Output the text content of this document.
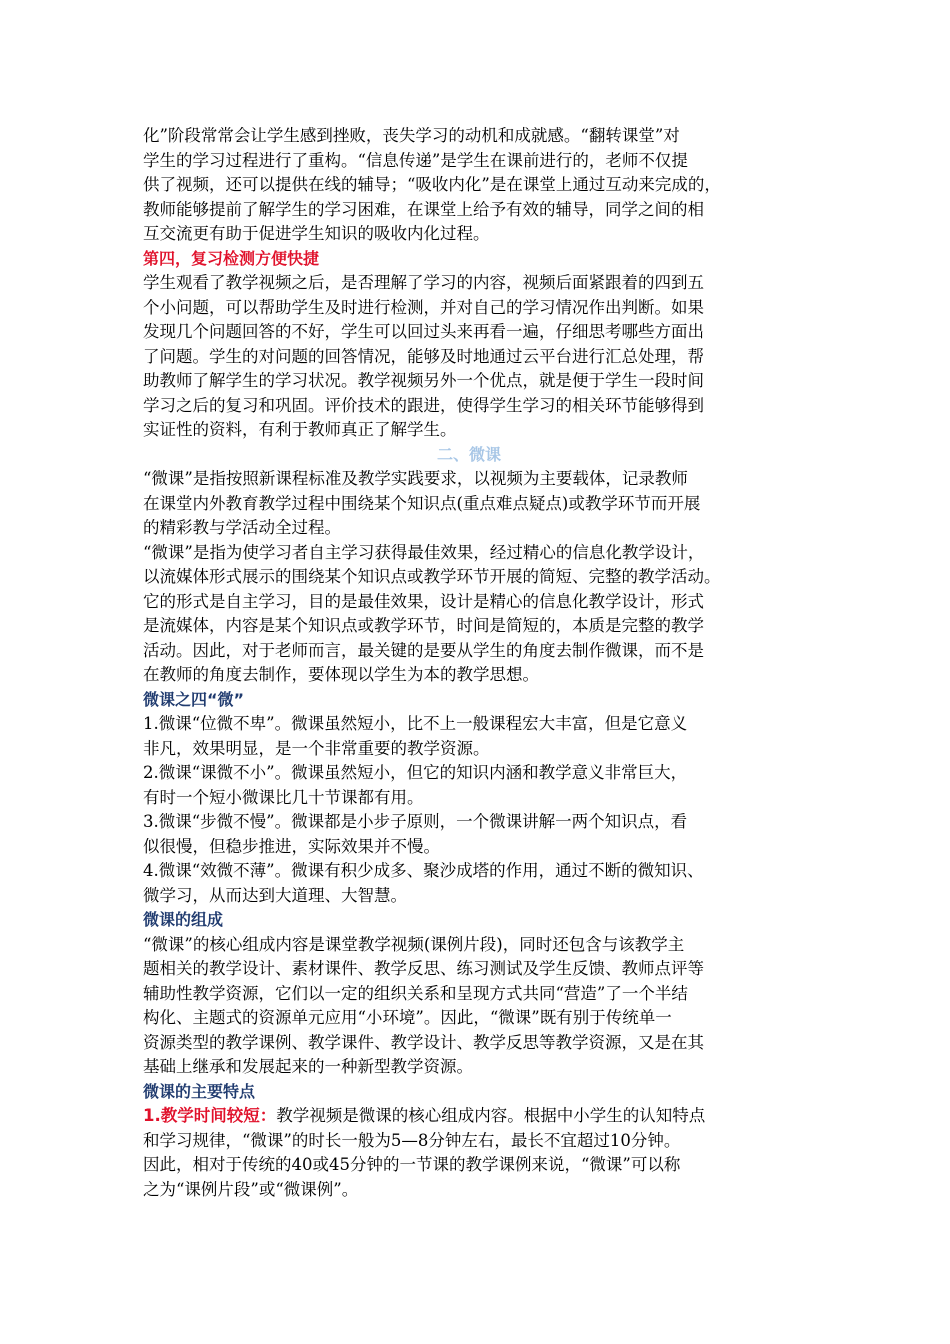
化”阶段常常会让学生感到挫败，丧失学习的动机和成就感。“翻转课堂”对
学生的学习过程进行了重构。“信息传递”是学生在课前进行的，老师不仅提
供了视频，还可以提供在线的辅导；“吸收内化”是在课堂上通过互动来完成的，
教师能够提前了解学生的学习困难，在课堂上给予有效的辅导，同学之间的相
互交流更有助于促进学生知识的吸收内化过程。

第四，复习检测方便快捷

学生观看了教学视频之后，是否理解了学习的内容，视频后面紧跟着的四到五
个小问题，可以帮助学生及时进行检测，并对自己的学习情况作出判断。如果
发现几个问题回答的不好，学生可以回过头来再看一遍，仔细思考哪些方面出
了问题。学生的对问题的回答情况，能够及时地通过云平台进行汇总处理，帮
助教师了解学生的学习状况。教学视频另外一个优点，就是便于学生一段时间
学习之后的复习和巩固。评价技术的跟进，使得学生学习的相关环节能够得到
实证性的资料，有利于教师真正了解学生。

二、微课

“微课”是指按照新课程标准及教学实践要求，以视频为主要载体，记录教师
在课堂内外教育教学过程中围绕某个知识点(重点难点疑点)或教学环节而开展
的精彩教与学活动全过程。

“微课”是指为使学习者自主学习获得最佳效果，经过精心的信息化教学设计，
以流媒体形式展示的围绕某个知识点或教学环节开展的简短、完整的教学活动。
它的形式是自主学习，目的是最佳效果，设计是精心的信息化教学设计，形式
是流媒体，内容是某个知识点或教学环节，时间是简短的，本质是完整的教学
活动。因此，对于老师而言，最关键的是要从学生的角度去制作微课，而不是
在教师的角度去制作，要体现以学生为本的教学思想。

微课之四“微”

1.微课“位微不卑”。微课虽然短小，比不上一般课程宏大丰富，但是它意义
非凡，效果明显，是一个非常重要的教学资源。

2.微课“课微不小”。微课虽然短小，但它的知识内涵和教学意义非常巨大，
有时一个短小微课比几十节课都有用。

3.微课“步微不慢”。微课都是小步子原则，一个微课讲解一两个知识点，看
似很慢，但稳步推进，实际效果并不慢。

4.微课“效微不薄”。微课有积少成多、聚沙成塔的作用，通过不断的微知识、
微学习，从而达到大道理、大智慧。

微课的组成

“微课”的核心组成内容是课堂教学视频(课例片段)，同时还包含与该教学主
题相关的教学设计、素材课件、教学反思、练习测试及学生反馈、教师点评等
辅助性教学资源，它们以一定的组织关系和呈现方式共同“营造”了一个半结
构化、主题式的资源单元应用“小环境”。因此，“微课”既有别于传统单一
资源类型的教学课例、教学课件、教学设计、教学反思等教学资源，又是在其
基础上继承和发展起来的一种新型教学资源。

微课的主要特点

1.教学时间较短：教学视频是微课的核心组成内容。根据中小学生的认知特点
和学习规律，“微课”的时长一般为5—8分钟左右，最长不宜超过10分钟。
因此，相对于传统的40或45分钟的一节课的教学课例来说，“微课”可以称
之为“课例片段”或“微课例”。
